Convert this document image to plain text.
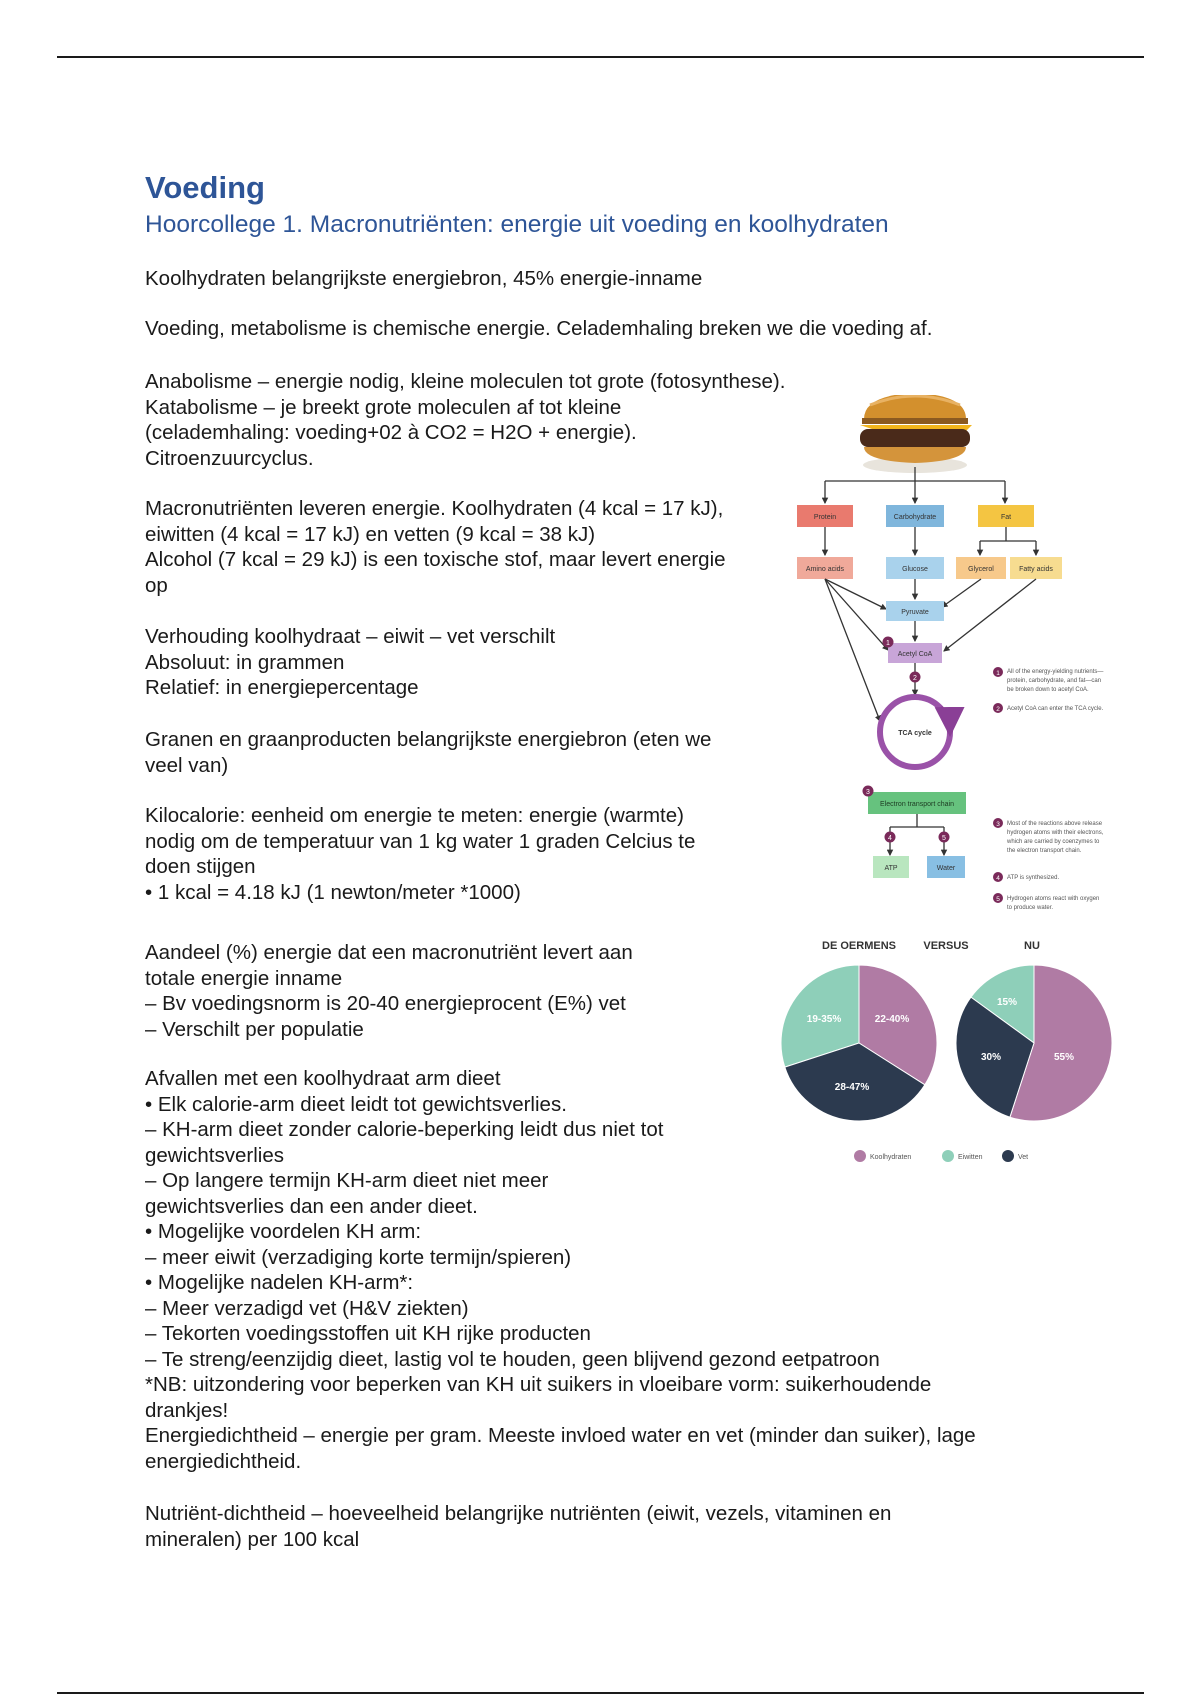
Voeding
Hoorcollege 1. Macronutriënten: energie uit voeding en koolhydraten

Koolhydraten belangrijkste energiebron, 45% energie-inname

Voeding, metabolisme is chemische energie. Celademhaling breken we die voeding af.

Anabolisme – energie nodig, kleine moleculen tot grote (fotosynthese).

Katabolisme – je breekt grote moleculen af tot kleine

(celademhaling: voeding+02 à CO2 = H2O + energie).

Citroenzuurcyclus.

Macronutriënten leveren energie. Koolhydraten (4 kcal = 17 kJ),

eiwitten (4 kcal = 17 kJ) en vetten (9 kcal = 38 kJ)

Alcohol (7 kcal = 29 kJ) is een toxische stof, maar levert energie

op

Verhouding koolhydraat – eiwit – vet verschilt

Absoluut: in grammen

Relatief: in energiepercentage

Granen en graanproducten belangrijkste energiebron (eten we

veel van)

Kilocalorie: eenheid om energie te meten: energie (warmte)

nodig om de temperatuur van 1 kg water 1 graden Celcius te

doen stijgen

• 1 kcal = 4.18 kJ (1 newton/meter *1000)

Aandeel (%) energie dat een macronutriënt levert aan

totale energie inname

– Bv voedingsnorm is 20-40 energieprocent (E%) vet

– Verschilt per populatie

Afvallen met een koolhydraat arm dieet

• Elk calorie-arm dieet leidt tot gewichtsverlies.

– KH-arm dieet zonder calorie-beperking leidt dus niet tot

gewichtsverlies

– Op langere termijn KH-arm dieet niet meer

gewichtsverlies dan een ander dieet.

• Mogelijke voordelen KH arm:

– meer eiwit (verzadiging korte termijn/spieren)

• Mogelijke nadelen KH-arm*:

– Meer verzadigd vet (H&V ziekten)

– Tekorten voedingsstoffen uit KH rijke producten

– Te streng/eenzijdig dieet, lastig vol te houden, geen blijvend gezond eetpatroon

*NB: uitzondering voor beperken van KH uit suikers in vloeibare vorm: suikerhoudende

drankjes!

Energiedichtheid – energie per gram. Meeste invloed water en vet (minder dan suiker), lage

energiedichtheid.

Nutriënt-dichtheid – hoeveelheid belangrijke nutriënten (eiwit, vezels, vitaminen en

mineralen) per 100 kcal

Protein	Carbohydrate	Fat
Amino acids	Glucose	Glycerol	Fatty acids
Pyruvate
Acetyl CoA
1
2
TCA cycle
Electron transport chain
3
4	5
ATP	Water
1 All of the energy-yielding nutrients—
protein, carbohydrate, and fat—can
be broken down to acetyl CoA.
2 Acetyl CoA can enter the TCA cycle.
3 Most of the reactions above release
hydrogen atoms with their electrons,
which are carried by coenzymes to
the electron transport chain.
4 ATP is synthesized.
5 Hydrogen atoms react with oxygen
to produce water.
DE OERMENS VERSUS	NU
22-40%
19-35%
28-47%
55%
15%
30%
Koolhydraten	Eiwitten	Vet
